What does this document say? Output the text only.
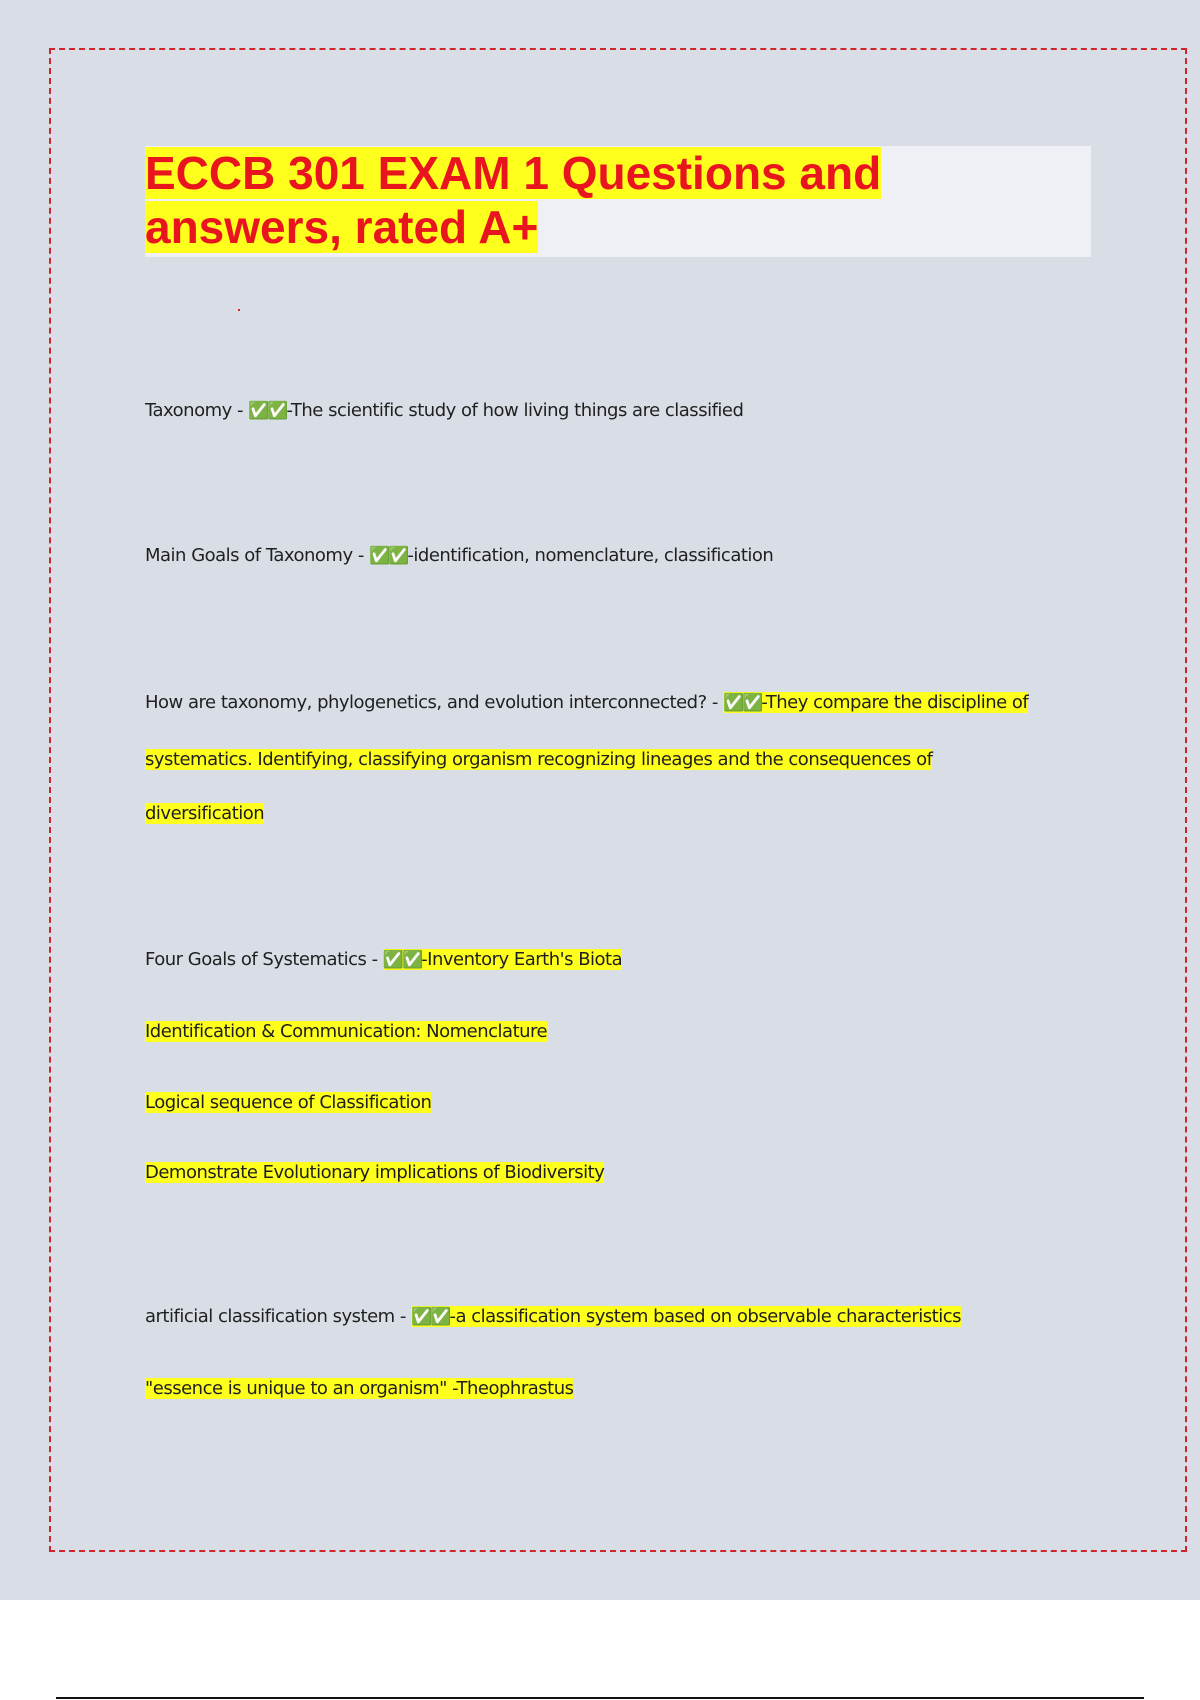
ECCB 301 EXAM 1 Questions and
answers, rated A+

Taxonomy - ✅✅-The scientific study of how living things are classified

Main Goals of Taxonomy - ✅✅-identification, nomenclature, classification

How are taxonomy, phylogenetics, and evolution interconnected? - ✅✅-They compare the discipline of

systematics. Identifying, classifying organism recognizing lineages and the consequences of

diversification

Four Goals of Systematics - ✅✅-Inventory Earth's Biota

Identification & Communication: Nomenclature

Logical sequence of Classification

Demonstrate Evolutionary implications of Biodiversity

artificial classification system - ✅✅-a classification system based on observable characteristics

"essence is unique to an organism" -Theophrastus
